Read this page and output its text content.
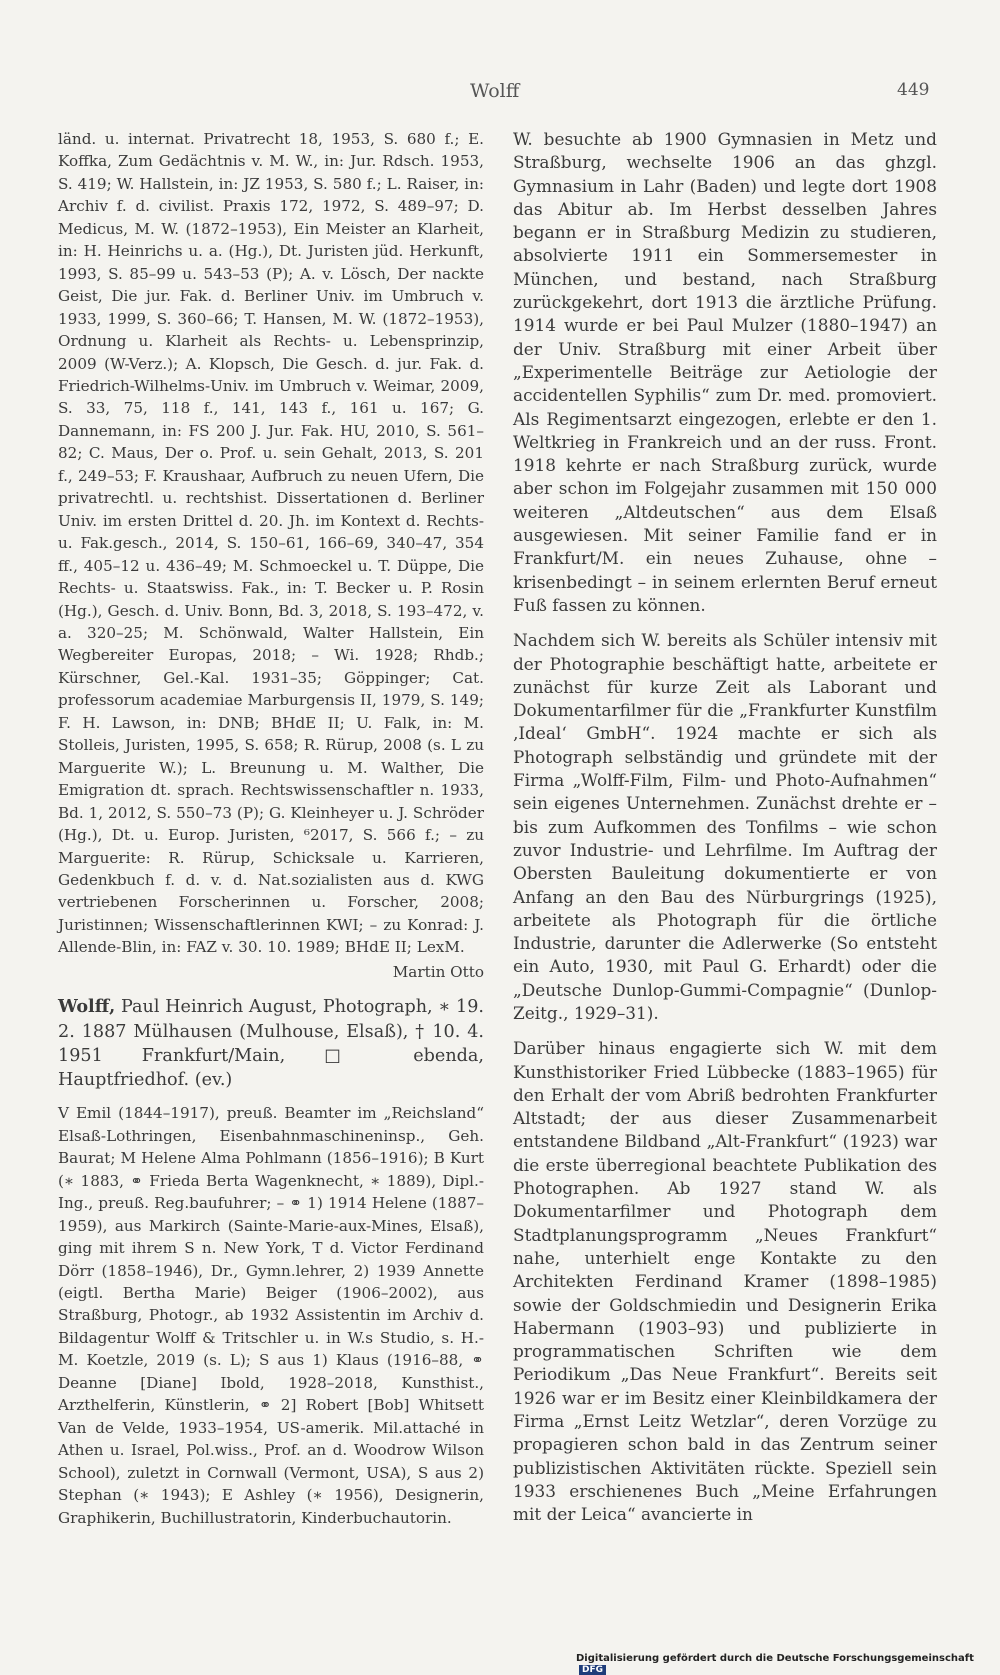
Wolff	449

länd. u. internat. Privatrecht 18, 1953, S. 680 f.; E. Koffka, Zum Gedächtnis v. M. W., in: Jur. Rdsch. 1953, S. 419; W. Hallstein, in: JZ 1953, S. 580 f.; L. Raiser, in: Archiv f. d. civilist. Praxis 172, 1972, S. 489–97; D. Medicus, M. W. (1872–1953), Ein Meister an Klarheit, in: H. Heinrichs u. a. (Hg.), Dt. Juristen jüd. Herkunft, 1993, S. 85–99 u. 543–53 (P); A. v. Lösch, Der nackte Geist, Die jur. Fak. d. Berliner Univ. im Umbruch v. 1933, 1999, S. 360–66; T. Hansen, M. W. (1872–1953), Ordnung u. Klarheit als Rechts- u. Lebensprinzip, 2009 (W-Verz.); A. Klopsch, Die Gesch. d. jur. Fak. d. Friedrich-Wilhelms-Univ. im Umbruch v. Weimar, 2009, S. 33, 75, 118 f., 141, 143 f., 161 u. 167; G. Dannemann, in: FS 200 J. Jur. Fak. HU, 2010, S. 561–82; C. Maus, Der o. Prof. u. sein Gehalt, 2013, S. 201 f., 249–53; F. Kraushaar, Aufbruch zu neuen Ufern, Die privatrechtl. u. rechtshist. Dissertationen d. Berliner Univ. im ersten Drittel d. 20. Jh. im Kontext d. Rechts- u. Fak.gesch., 2014, S. 150–61, 166–69, 340–47, 354 ff., 405–12 u. 436–49; M. Schmoeckel u. T. Düppe, Die Rechts- u. Staatswiss. Fak., in: T. Becker u. P. Rosin (Hg.), Gesch. d. Univ. Bonn, Bd. 3, 2018, S. 193–472, v. a. 320–25; M. Schönwald, Walter Hallstein, Ein Wegbereiter Europas, 2018; – Wi. 1928; Rhdb.; Kürschner, Gel.-Kal. 1931–35; Göppinger; Cat. professorum academiae Marburgensis II, 1979, S. 149; F. H. Lawson, in: DNB; BHdE II; U. Falk, in: M. Stolleis, Juristen, 1995, S. 658; R. Rürup, 2008 (s. L zu Marguerite W.); L. Breunung u. M. Walther, Die Emigration dt. sprach. Rechtswissenschaftler n. 1933, Bd. 1, 2012, S. 550–73 (P); G. Kleinheyer u. J. Schröder (Hg.), Dt. u. Europ. Juristen, ⁶2017, S. 566 f.; – zu Marguerite: R. Rürup, Schicksale u. Karrieren, Gedenkbuch f. d. v. d. Nat.sozialisten aus d. KWG vertriebenen Forscherinnen u. Forscher, 2008; Juristinnen; Wissenschaftlerinnen KWI; – zu Konrad: J. Allende-Blin, in: FAZ v. 30. 10. 1989; BHdE II; LexM.

Martin Otto

Wolff, Paul Heinrich August, Photograph, ∗ 19. 2. 1887 Mülhausen (Mulhouse, Elsaß), † 10. 4. 1951 Frankfurt/Main, □ ebenda, Hauptfriedhof. (ev.)

V Emil (1844–1917), preuß. Beamter im „Reichsland“ Elsaß-Lothringen, Eisenbahnmaschineninsp., Geh. Baurat; M Helene Alma Pohlmann (1856–1916); B Kurt (∗ 1883, ⚭ Frieda Berta Wagenknecht, ∗ 1889), Dipl.-Ing., preuß. Reg.baufuhrer; – ⚭ 1) 1914 Helene (1887–1959), aus Markirch (Sainte-Marie-aux-Mines, Elsaß), ging mit ihrem S n. New York, T d. Victor Ferdinand Dörr (1858–1946), Dr., Gymn.lehrer, 2) 1939 Annette (eigtl. Bertha Marie) Beiger (1906–2002), aus Straßburg, Photogr., ab 1932 Assistentin im Archiv d. Bildagentur Wolff & Tritschler u. in W.s Studio, s. H.-M. Koetzle, 2019 (s. L); S aus 1) Klaus (1916–88, ⚭ Deanne [Diane] Ibold, 1928–2018, Kunsthist., Arzthelferin, Künstlerin, ⚭ 2] Robert [Bob] Whitsett Van de Velde, 1933–1954, US-amerik. Mil.attaché in Athen u. Israel, Pol.wiss., Prof. an d. Woodrow Wilson School), zuletzt in Cornwall (Vermont, USA), S aus 2) Stephan (∗ 1943); E Ashley (∗ 1956), Designerin, Graphikerin, Buchillustratorin, Kinderbuchautorin.

W. besuchte ab 1900 Gymnasien in Metz und Straßburg, wechselte 1906 an das ghzgl. Gymnasium in Lahr (Baden) und legte dort 1908 das Abitur ab. Im Herbst desselben Jahres begann er in Straßburg Medizin zu studieren, absolvierte 1911 ein Sommersemester in München, und bestand, nach Straßburg zurückgekehrt, dort 1913 die ärztliche Prüfung. 1914 wurde er bei Paul Mulzer (1880–1947) an der Univ. Straßburg mit einer Arbeit über „Experimentelle Beiträge zur Aetiologie der accidentellen Syphilis“ zum Dr. med. promoviert. Als Regimentsarzt eingezogen, erlebte er den 1. Weltkrieg in Frankreich und an der russ. Front. 1918 kehrte er nach Straßburg zurück, wurde aber schon im Folgejahr zusammen mit 150 000 weiteren „Altdeutschen“ aus dem Elsaß ausgewiesen. Mit seiner Familie fand er in Frankfurt/M. ein neues Zuhause, ohne – krisenbedingt – in seinem erlernten Beruf erneut Fuß fassen zu können.

Nachdem sich W. bereits als Schüler intensiv mit der Photographie beschäftigt hatte, arbeitete er zunächst für kurze Zeit als Laborant und Dokumentarfilmer für die „Frankfurter Kunstfilm ‚Ideal‘ GmbH“. 1924 machte er sich als Photograph selbständig und gründete mit der Firma „Wolff-Film, Film- und Photo-Aufnahmen“ sein eigenes Unternehmen. Zunächst drehte er – bis zum Aufkommen des Tonfilms – wie schon zuvor Industrie- und Lehrfilme. Im Auftrag der Obersten Bauleitung dokumentierte er von Anfang an den Bau des Nürburgrings (1925), arbeitete als Photograph für die örtliche Industrie, darunter die Adlerwerke (So entsteht ein Auto, 1930, mit Paul G. Erhardt) oder die „Deutsche Dunlop-Gummi-Compagnie“ (Dunlop-Zeitg., 1929–31).

Darüber hinaus engagierte sich W. mit dem Kunsthistoriker Fried Lübbecke (1883–1965) für den Erhalt der vom Abriß bedrohten Frankfurter Altstadt; der aus dieser Zusammenarbeit entstandene Bildband „Alt-Frankfurt“ (1923) war die erste überregional beachtete Publikation des Photographen. Ab 1927 stand W. als Dokumentarfilmer und Photograph dem Stadtplanungsprogramm „Neues Frankfurt“ nahe, unterhielt enge Kontakte zu den Architekten Ferdinand Kramer (1898–1985) sowie der Goldschmiedin und Designerin Erika Habermann (1903–93) und publizierte in programmatischen Schriften wie dem Periodikum „Das Neue Frankfurt“. Bereits seit 1926 war er im Besitz einer Kleinbildkamera der Firma „Ernst Leitz Wetzlar“, deren Vorzüge zu propagieren schon bald in das Zentrum seiner publizistischen Aktivitäten rückte. Speziell sein 1933 erschienenes Buch „Meine Erfahrungen mit der Leica“ avancierte in

Digitalisierung gefördert durch die Deutsche Forschungsgemeinschaft DFG
